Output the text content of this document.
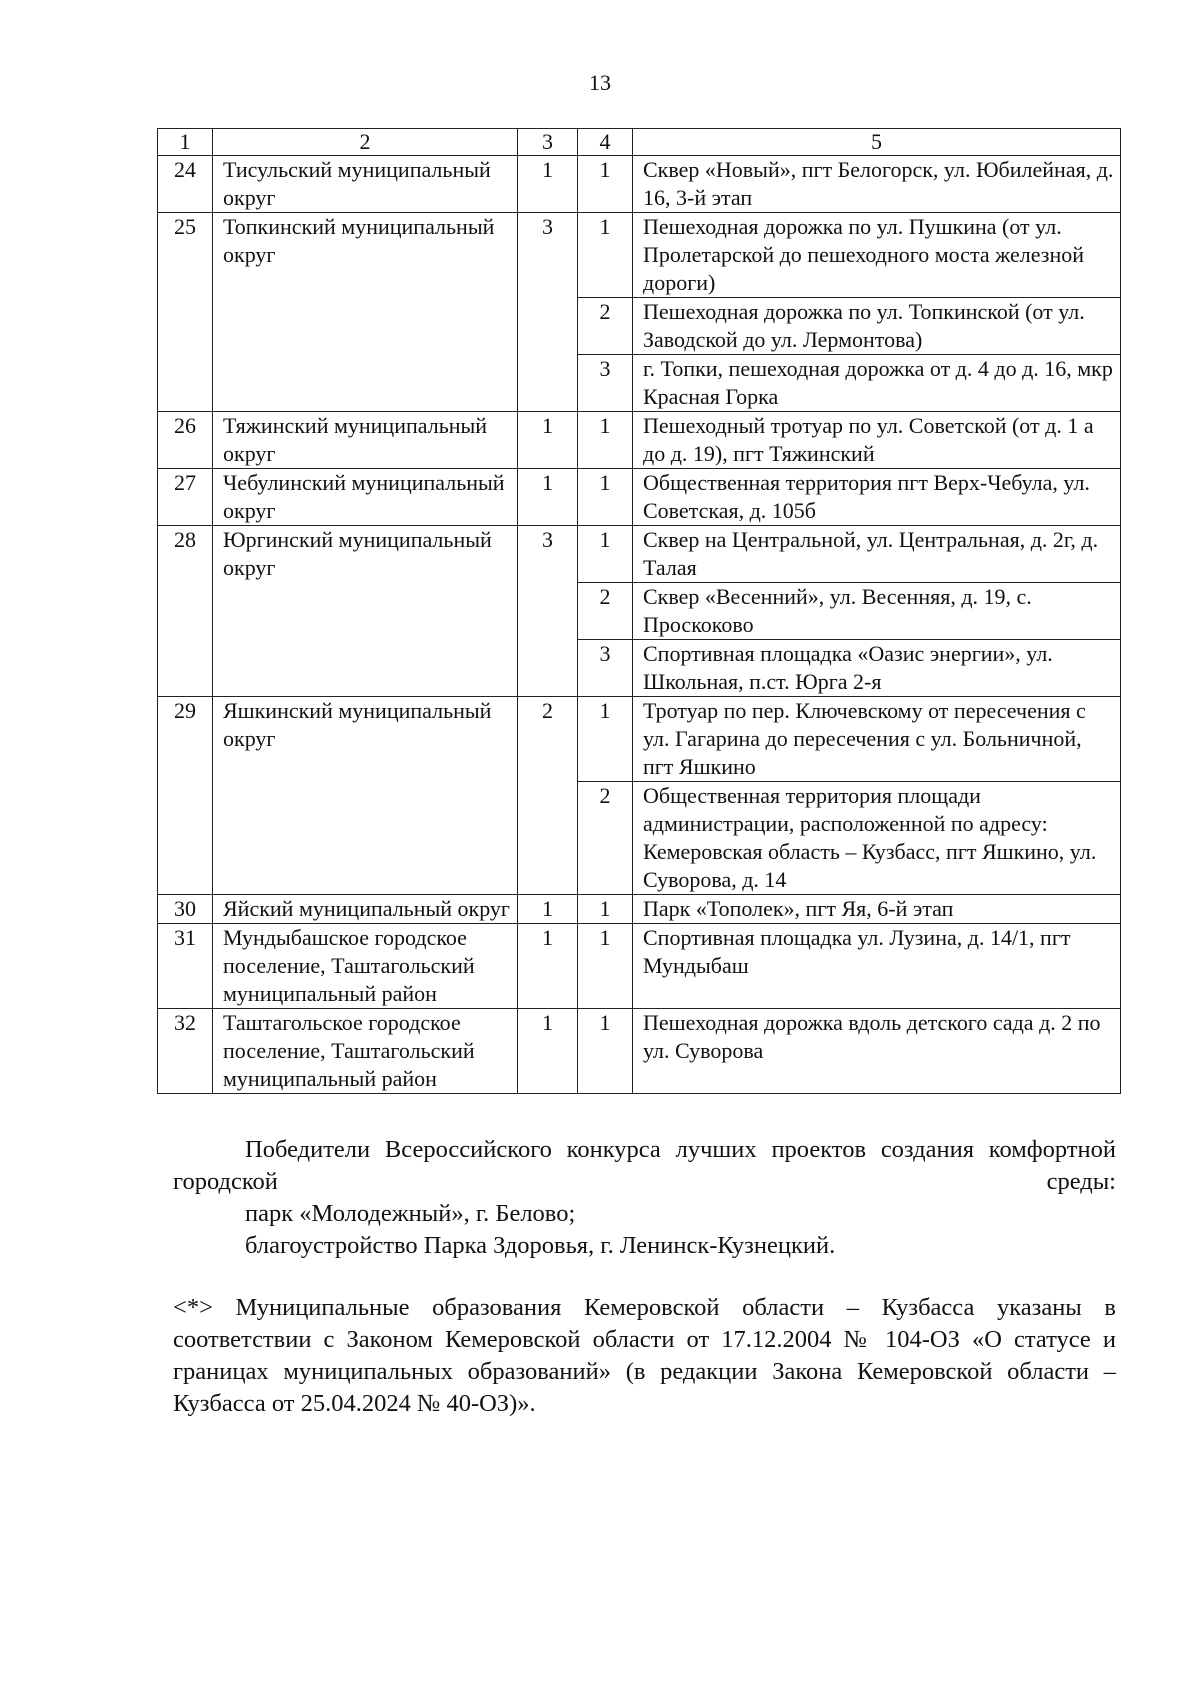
13
1	2	3	4	5
24	Тисульский муниципальный округ	1	1	Сквер «Новый», пгт Белогорск, ул. Юбилейная, д. 16, 3-й этап
25	Топкинский муниципальный округ	3	1	Пешеходная дорожка по ул. Пушкина (от ул. Пролетарской до пешеходного моста железной дороги)
			2	Пешеходная дорожка по ул. Топкинской (от ул. Заводской до ул. Лермонтова)
			3	г. Топки, пешеходная дорожка от д. 4 до д. 16, мкр Красная Горка
26	Тяжинский муниципальный округ	1	1	Пешеходный тротуар по ул. Советской (от д. 1 а до д. 19), пгт Тяжинский
27	Чебулинский муниципальный округ	1	1	Общественная территория пгт Верх-Чебула, ул. Советская, д. 105б
28	Юргинский муниципальный округ	3	1	Сквер на Центральной, ул. Центральная, д. 2г, д. Талая
			2	Сквер «Весенний», ул. Весенняя, д. 19, с. Проскоково
			3	Спортивная площадка «Оазис энергии», ул. Школьная, п.ст. Юрга 2-я
29	Яшкинский муниципальный округ	2	1	Тротуар по пер. Ключевскому от пересечения с ул. Гагарина до пересечения с ул. Больничной, пгт Яшкино
			2	Общественная территория площади администрации, расположенной по адресу: Кемеровская область – Кузбасс, пгт Яшкино, ул. Суворова, д. 14
30	Яйский муниципальный округ	1	1	Парк «Тополек», пгт Яя, 6-й этап
31	Мундыбашское городское поселение, Таштагольский муниципальный район	1	1	Спортивная площадка ул. Лузина, д. 14/1, пгт Мундыбаш
32	Таштагольское городское поселение, Таштагольский муниципальный район	1	1	Пешеходная дорожка вдоль детского сада д. 2 по ул. Суворова
Победители Всероссийского конкурса лучших проектов создания комфортной городской среды:
парк «Молодежный», г. Белово;
благоустройство Парка Здоровья, г. Ленинск-Кузнецкий.
<*> Муниципальные образования Кемеровской области – Кузбасса указаны в соответствии с Законом Кемеровской области от 17.12.2004 № 104-ОЗ «О статусе и границах муниципальных образований» (в редакции Закона Кемеровской области – Кузбасса от 25.04.2024 № 40-ОЗ)».
